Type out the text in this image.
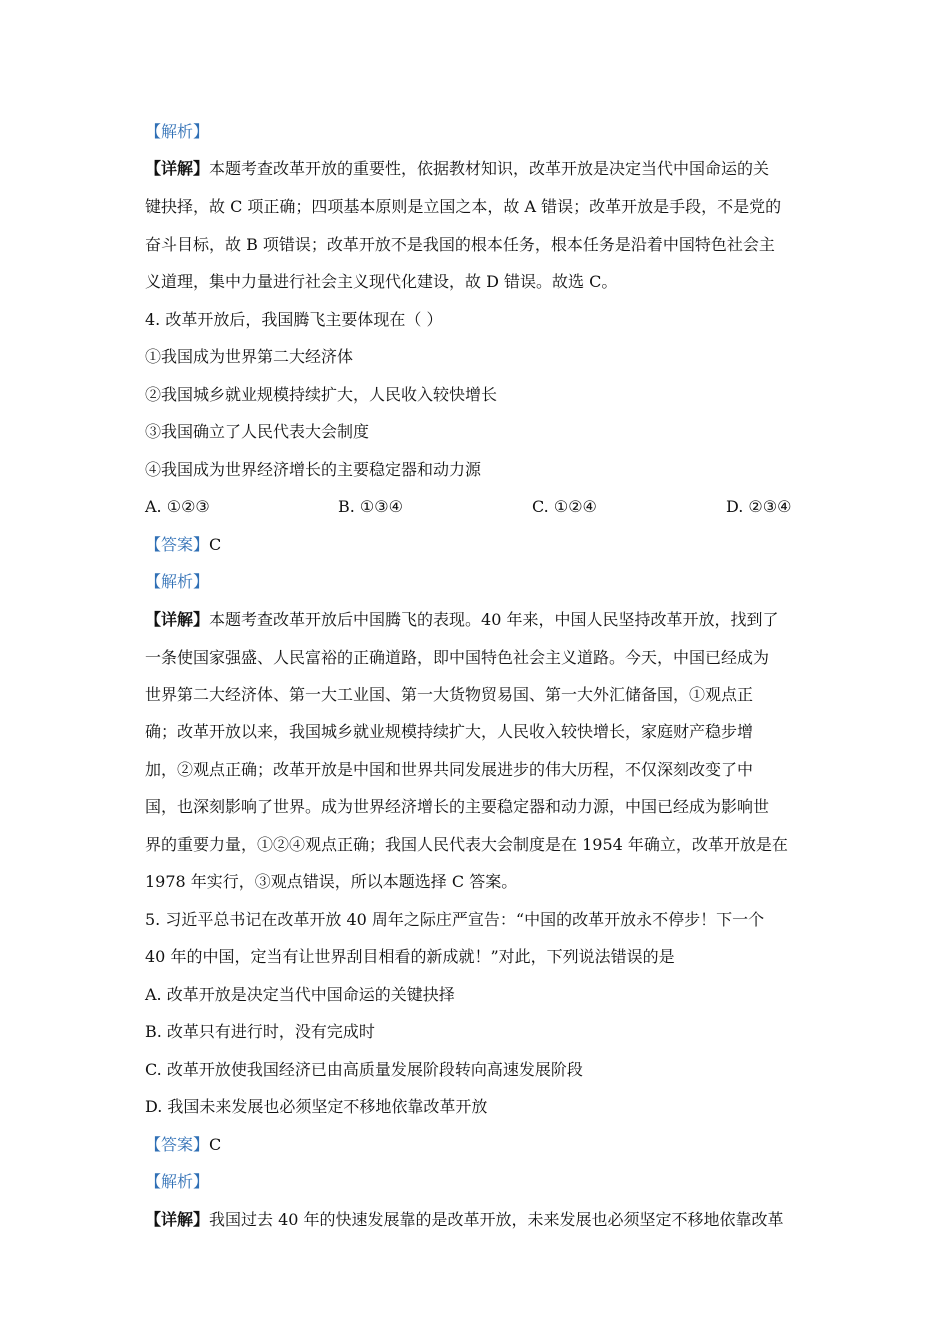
【解析】
【详解】本题考查改革开放的重要性，依据教材知识，改革开放是决定当代中国命运的关
键抉择，故 C 项正确；四项基本原则是立国之本，故 A 错误；改革开放是手段，不是党的
奋斗目标，故 B 项错误；改革开放不是我国的根本任务，根本任务是沿着中国特色社会主
义道理，集中力量进行社会主义现代化建设，故 D 错误。故选 C。
4. 改革开放后，我国腾飞主要体现在（ ）
①我国成为世界第二大经济体
②我国城乡就业规模持续扩大，人民收入较快增长
③我国确立了人民代表大会制度
④我国成为世界经济增长的主要稳定器和动力源
A. ①②③	B. ①③④	C. ①②④	D. ②③④
【答案】C
【解析】
【详解】本题考查改革开放后中国腾飞的表现。40 年来，中国人民坚持改革开放，找到了
一条使国家强盛、人民富裕的正确道路，即中国特色社会主义道路。今天，中国已经成为
世界第二大经济体、第一大工业国、第一大货物贸易国、第一大外汇储备国，①观点正
确；改革开放以来，我国城乡就业规模持续扩大，人民收入较快增长，家庭财产稳步增
加，②观点正确；改革开放是中国和世界共同发展进步的伟大历程，不仅深刻改变了中
国，也深刻影响了世界。成为世界经济增长的主要稳定器和动力源，中国已经成为影响世
界的重要力量，①②④观点正确；我国人民代表大会制度是在 1954 年确立，改革开放是在
1978 年实行，③观点错误，所以本题选择 C 答案。
5. 习近平总书记在改革开放 40 周年之际庄严宣告：“中国的改革开放永不停步！下一个
40 年的中国，定当有让世界刮目相看的新成就！”对此，下列说法错误的是
A. 改革开放是决定当代中国命运的关键抉择
B. 改革只有进行时，没有完成时
C. 改革开放使我国经济已由高质量发展阶段转向高速发展阶段
D. 我国未来发展也必须坚定不移地依靠改革开放
【答案】C
【解析】
【详解】我国过去 40 年的快速发展靠的是改革开放，未来发展也必须坚定不移地依靠改革
